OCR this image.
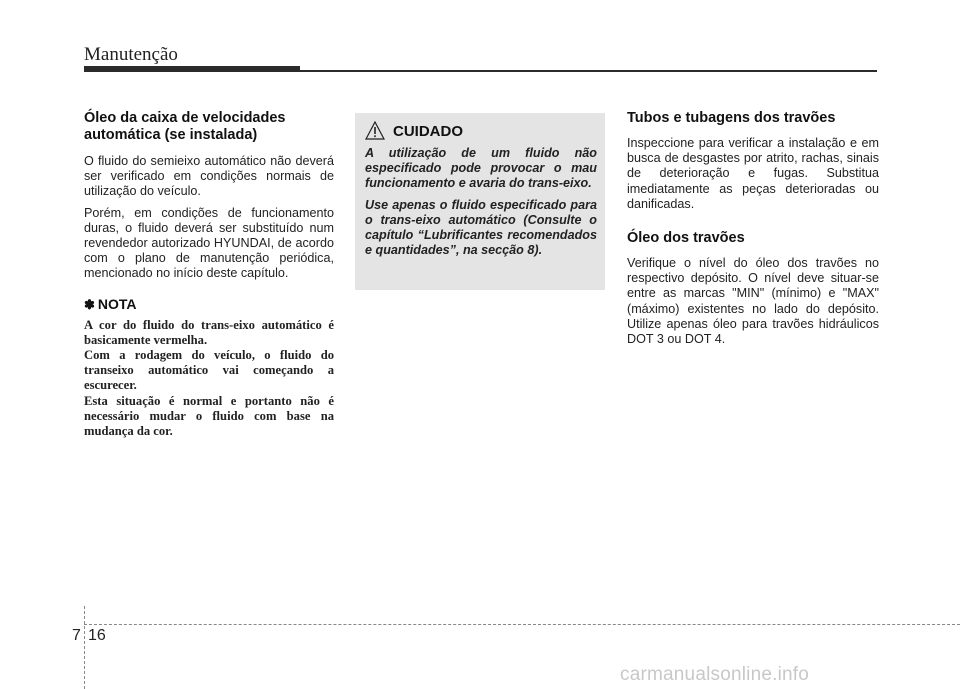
Manutenção
Óleo da caixa de velocidades automática (se instalada)

O fluido do semieixo automático não deverá ser verificado em condições normais de utilização do veículo.

Porém, em condições de funcionamento duras, o fluido deverá ser substituído num revendedor autorizado HYUNDAI, de acordo com o plano de manutenção periódica, mencionado no início deste capítulo.

✽ NOTA
A cor do fluido do trans-eixo automático é basicamente vermelha.
Com a rodagem do veículo, o fluido do transeixo automático vai começando a escurecer.
Esta situação é normal e portanto não é necessário mudar o fluido com base na mudança da cor.
CUIDADO

A utilização de um fluido não especificado pode provocar o mau funcionamento e avaria do trans-eixo.

Use apenas o fluido especificado para o trans-eixo automático (Consulte o capítulo “Lubrificantes recomendados e quantidades”, na secção 8).

Tubos e tubagens dos travões

Inspeccione para verificar a instalação e em busca de desgastes por atrito, rachas, sinais de deterioração e fugas. Substitua imediatamente as peças deterioradas ou danificadas.

Óleo dos travões

Verifique o nível do óleo dos travões no respectivo depósito. O nível deve situar-se entre as marcas "MIN" (mínimo) e "MAX" (máximo) existentes no lado do depósito. Utilize apenas óleo para travões hidráulicos DOT 3 ou DOT 4.

7 16
carmanualsonline.info
